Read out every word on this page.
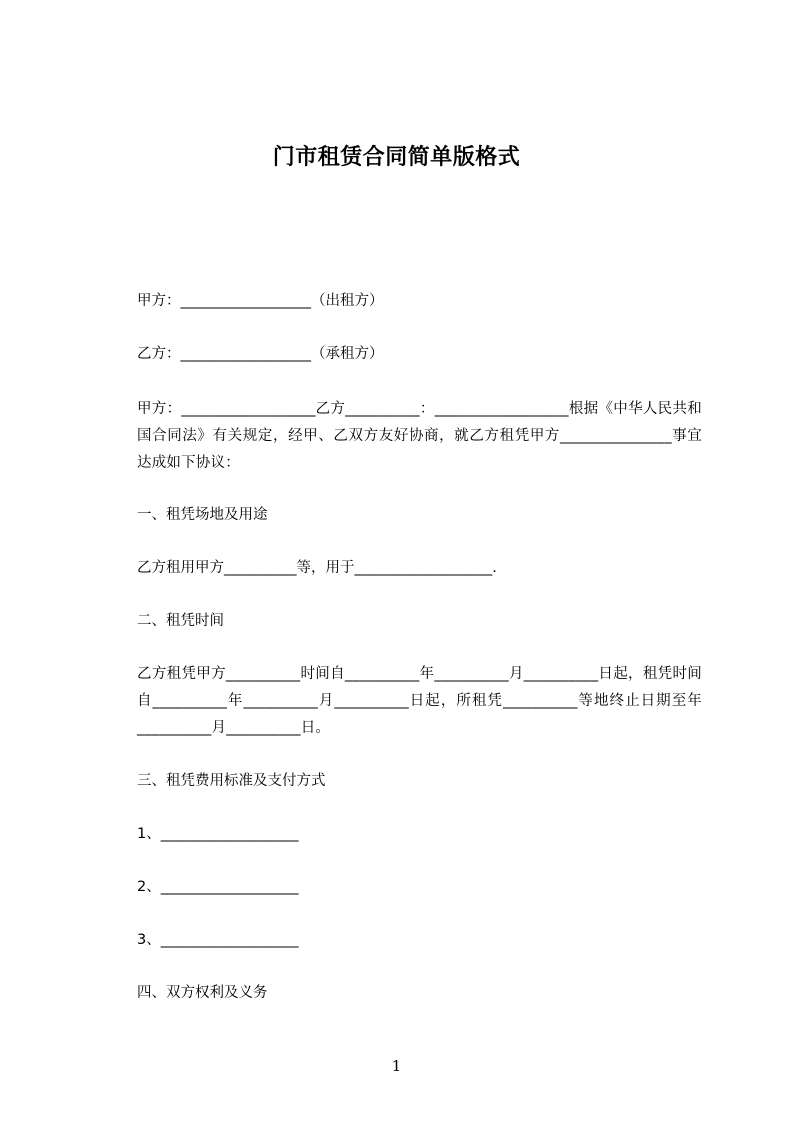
门市租赁合同简单版格式
甲方：__________________（出租方）
乙方：__________________（承租方）
甲方：__________________乙方__________：__________________根据《中华人民共和国合同法》有关规定，经甲、乙双方友好协商，就乙方租凭甲方_______________事宜达成如下协议：
一、租凭场地及用途
乙方租用甲方__________等，用于___________________.
二、租凭时间
乙方租凭甲方__________时间自__________年__________月__________日起，租凭时间自__________年__________月__________日起，所租凭__________等地终止日期至年__________月__________日。
三、租凭费用标准及支付方式
1、___________________
2、___________________
3、___________________
四、双方权利及义务
1
